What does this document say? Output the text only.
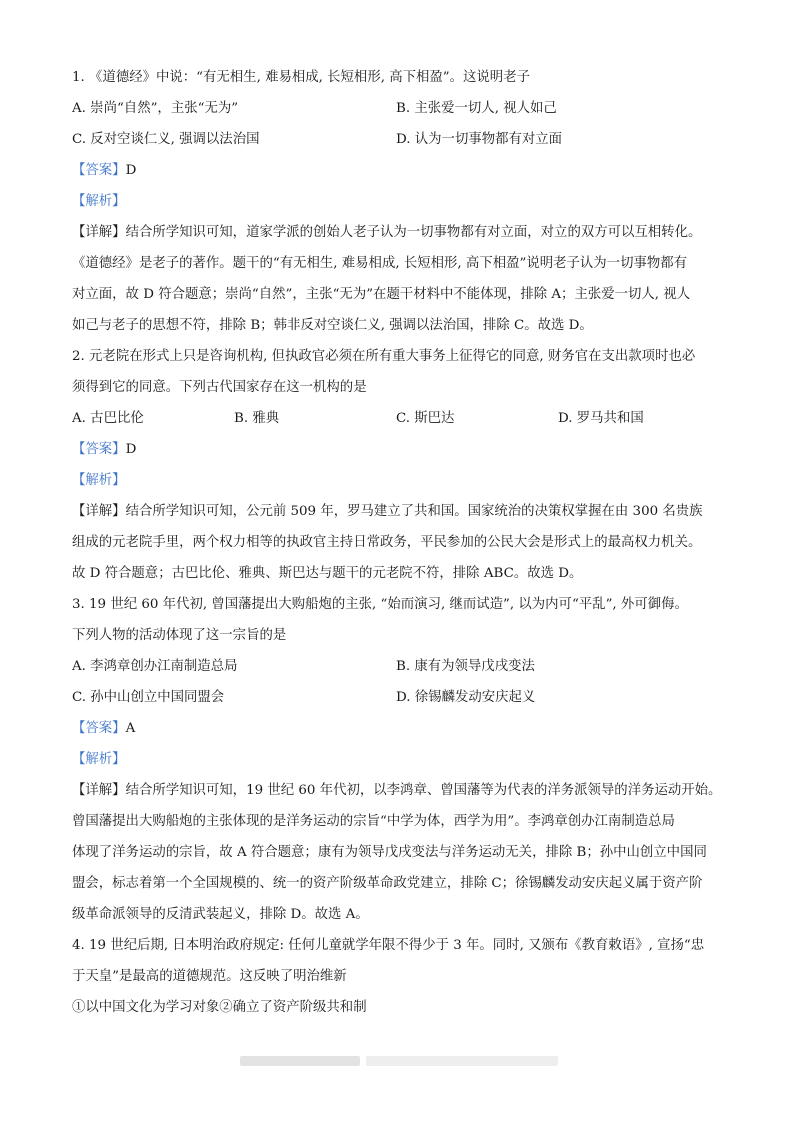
1. 《道德经》中说：“有无相生, 难易相成, 长短相形, 高下相盈”。这说明老子
A. 崇尚“自然”，主张“无为”	B. 主张爱一切人, 视人如己
C. 反对空谈仁义, 强调以法治国	D. 认为一切事物都有对立面
【答案】D
【解析】
【详解】结合所学知识可知，道家学派的创始人老子认为一切事物都有对立面，对立的双方可以互相转化。
《道德经》是老子的著作。题干的“有无相生, 难易相成, 长短相形, 高下相盈”说明老子认为一切事物都有
对立面，故 D 符合题意；崇尚“自然”，主张“无为”在题干材料中不能体现，排除 A；主张爱一切人, 视人
如己与老子的思想不符，排除 B；韩非反对空谈仁义, 强调以法治国，排除 C。故选 D。
2. 元老院在形式上只是咨询机构, 但执政官必须在所有重大事务上征得它的同意, 财务官在支出款项时也必
须得到它的同意。下列古代国家存在这一机构的是
A. 古巴比伦	B. 雅典	C. 斯巴达	D. 罗马共和国
【答案】D
【解析】
【详解】结合所学知识可知，公元前 509 年，罗马建立了共和国。国家统治的决策权掌握在由 300 名贵族
组成的元老院手里，两个权力相等的执政官主持日常政务，平民参加的公民大会是形式上的最高权力机关。
故 D 符合题意；古巴比伦、雅典、斯巴达与题干的元老院不符，排除 ABC。故选 D。
3. 19 世纪 60 年代初, 曾国藩提出大购船炮的主张, “始而演习, 继而试造”, 以为内可“平乱”, 外可御侮。
下列人物的活动体现了这一宗旨的是
A. 李鸿章创办江南制造总局	B. 康有为领导戊戌变法
C. 孙中山创立中国同盟会	D. 徐锡麟发动安庆起义
【答案】A
【解析】
【详解】结合所学知识可知，19 世纪 60 年代初，以李鸿章、曾国藩等为代表的洋务派领导的洋务运动开始。
曾国藩提出大购船炮的主张体现的是洋务运动的宗旨“中学为体，西学为用”。李鸿章创办江南制造总局
体现了洋务运动的宗旨，故 A 符合题意；康有为领导戊戌变法与洋务运动无关，排除 B；孙中山创立中国同
盟会，标志着第一个全国规模的、统一的资产阶级革命政党建立，排除 C；徐锡麟发动安庆起义属于资产阶
级革命派领导的反清武装起义，排除 D。故选 A。
4. 19 世纪后期, 日本明治政府规定: 任何儿童就学年限不得少于 3 年。同时, 又颁布《教育敕语》, 宣扬“忠
于天皇”是最高的道德规范。这反映了明治维新
①以中国文化为学习对象②确立了资产阶级共和制
